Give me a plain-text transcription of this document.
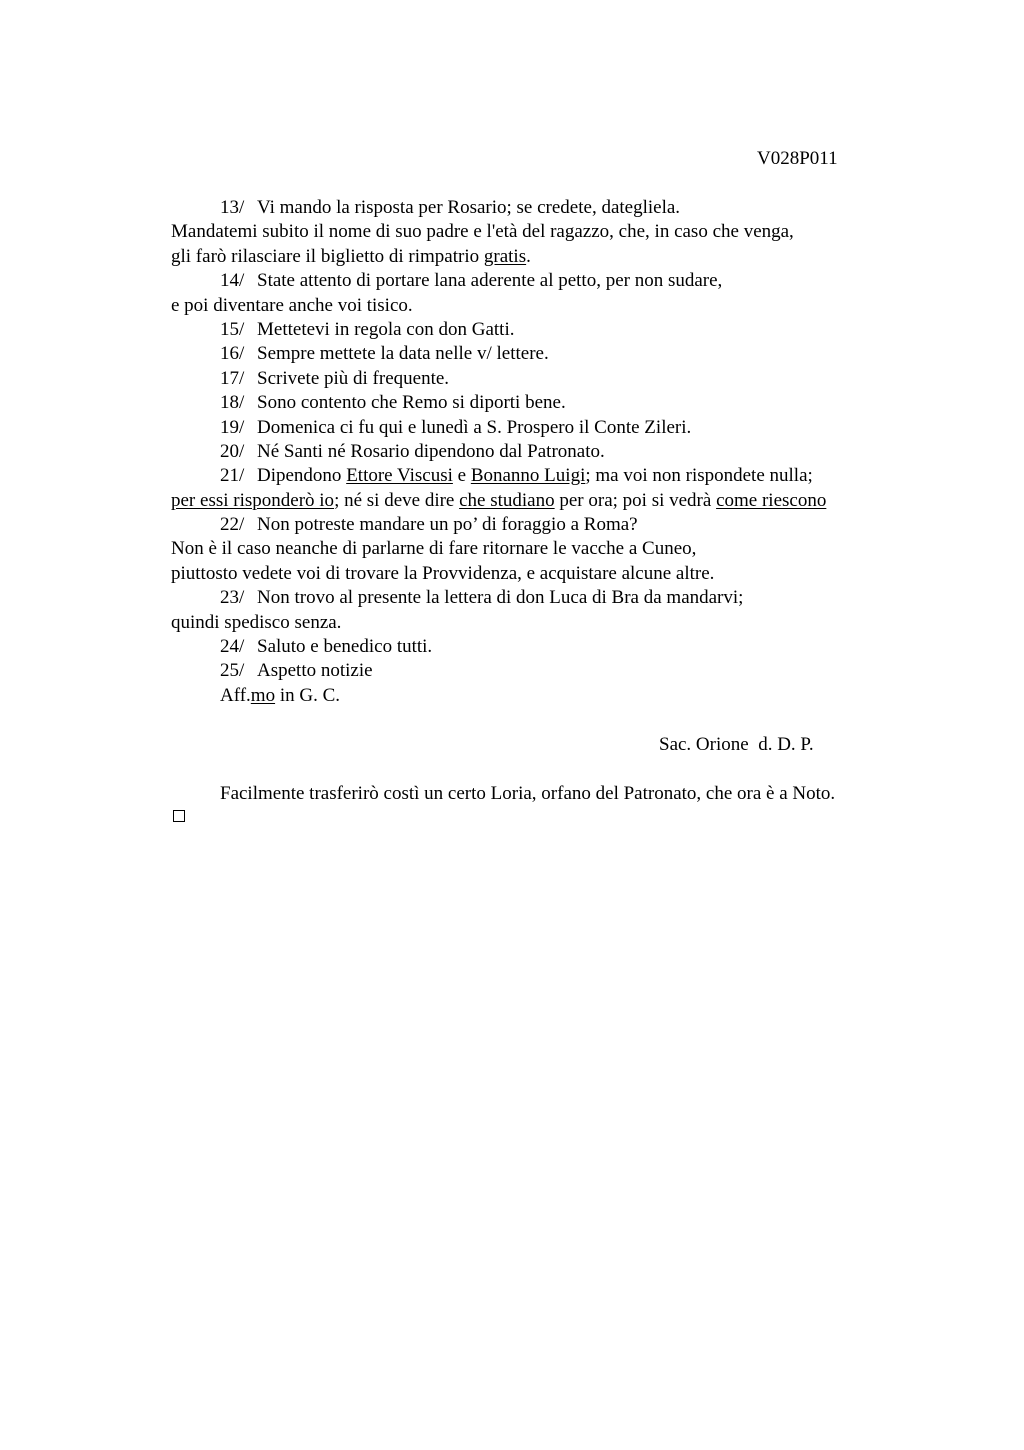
V028P011
13/ Vi mando la risposta per Rosario; se credete, dategliela.
Mandatemi subito il nome di suo padre e l'età del ragazzo, che, in caso che venga,
gli farò rilasciare il biglietto di rimpatrio gratis.
14/ State attento di portare lana aderente al petto, per non sudare,
e poi diventare anche voi tisico.
15/ Mettetevi in regola con don Gatti.
16/ Sempre mettete la data nelle v/ lettere.
17/ Scrivete più di frequente.
18/ Sono contento che Remo si diporti bene.
19/ Domenica ci fu qui e lunedì a S. Prospero il Conte Zileri.
20/ Né Santi né Rosario dipendono dal Patronato.
21/ Dipendono Ettore Viscusi e Bonanno Luigi; ma voi non rispondete nulla;
per essi risponderò io; né si deve dire che studiano per ora; poi si vedrà come riescono
22/ Non potreste mandare un po’ di foraggio a Roma?
Non è il caso neanche di parlarne di fare ritornare le vacche a Cuneo,
piuttosto vedete voi di trovare la Provvidenza, e acquistare alcune altre.
23/ Non trovo al presente la lettera di don Luca di Bra da mandarvi;
quindi spedisco senza.
24/ Saluto e benedico tutti.
25/ Aspetto notizie
Aff.mo in G. C.
Sac. Orione  d. D. P.
Facilmente trasferirò costì un certo Loria, orfano del Patronato, che ora è a Noto.
